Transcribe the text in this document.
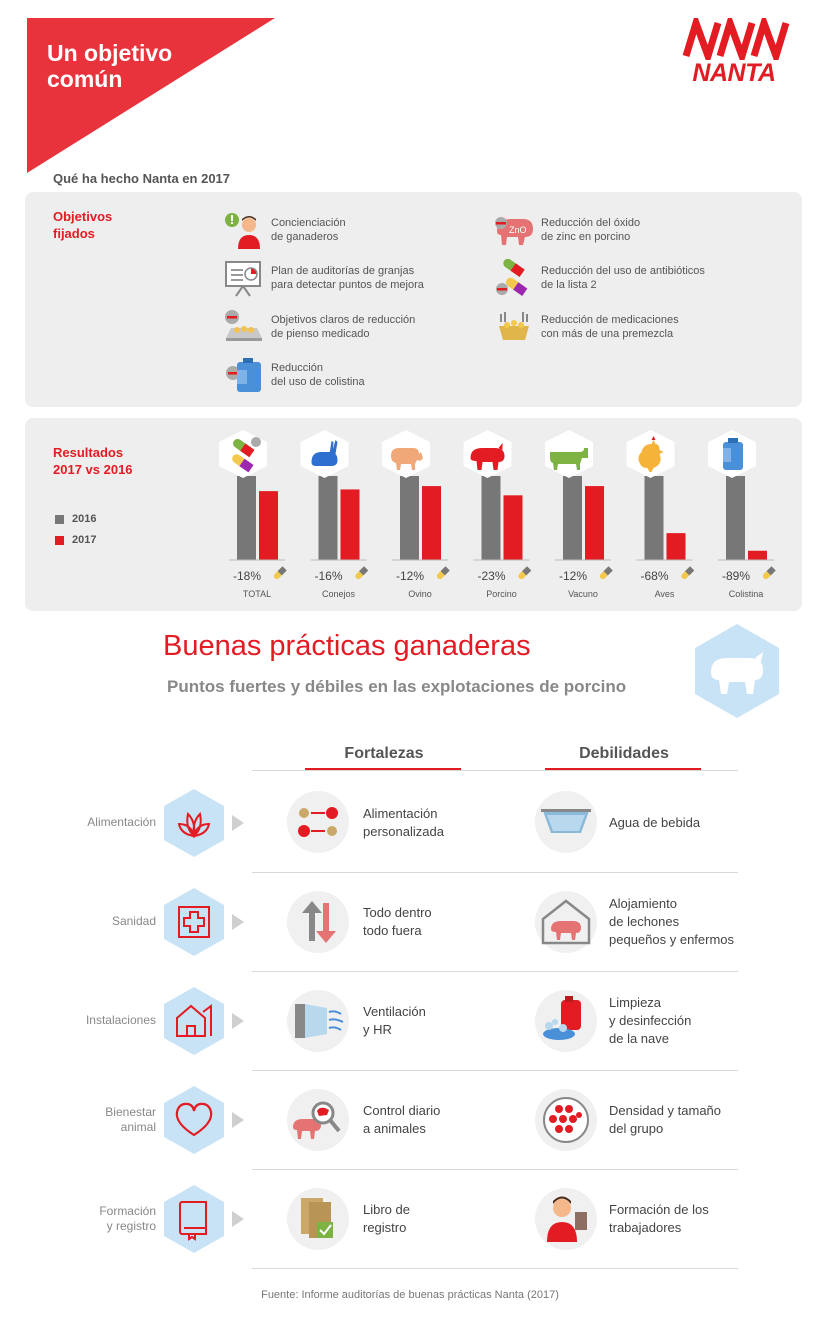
Un objetivo
común	NANTA
Qué ha hecho Nanta en 2017
Objetivos
fijados
Concienciación
de ganaderos
Plan de auditorías de granjas
para detectar puntos de mejora
Objetivos claros de reducción
de pienso medicado
Reducción
del uso de colistina
ZnO
Reducción del óxido
de zinc en porcino
Reducción del uso de antibióticos
de la lista 2
Reducción de medicaciones
con más de una premezcla
Resultados
2017 vs 2016
2016
2017
-18%
TOTAL
-16%
Conejos
-12%
Ovino
-23%
Porcino
-12%
Vacuno
-68%
Aves
-89%
Colistina
Buenas prácticas ganaderas
Puntos fuertes y débiles en las explotaciones de porcino
Fortalezas	Debilidades
Alimentación
Alimentación
personalizada
Agua de bebida
Sanidad
Todo dentro
todo fuera
Alojamiento
de lechones
pequeños y enfermos
Instalaciones
Ventilación
y HR
Limpieza
y desinfección
de la nave
Bienestar
animal
Control diario
a animales
Densidad y tamaño
del grupo
Formación
y registro
Libro de
registro
Formación de los
trabajadores
Fuente: Informe auditorías de buenas prácticas Nanta (2017)
